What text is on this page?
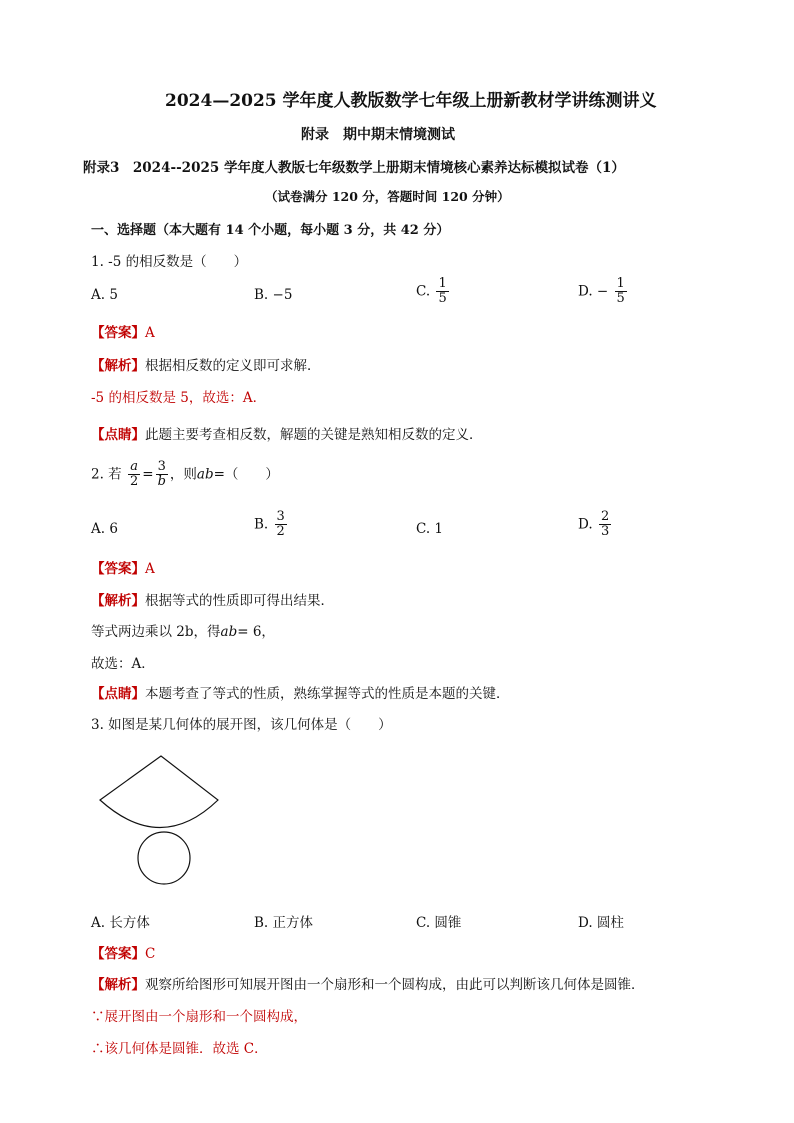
2024—2025 学年度人教版数学七年级上册新教材学讲练测讲义
附录　期中期末情境测试
附录3　2024--2025 学年度人教版七年级数学上册期末情境核心素养达标模拟试卷（1）
（试卷满分 120 分，答题时间 120 分钟）
一、选择题（本大题有 14 个小题，每小题 3 分，共 42 分）
1. -5 的相反数是（　　）
A. 5	B. −5	C. $\frac{1}{5}$	D. − $\frac{1}{5}$
【答案】A
【解析】根据相反数的定义即可求解．
-5 的相反数是 5，故选：A．
【点睛】此题主要考查相反数，解题的关键是熟知相反数的定义．
2. 若 $\frac{a}{2} = \frac{3}{b}$ ，则ab=（　　）
A. 6	B. $\frac{3}{2}$	C. 1	D. $\frac{2}{3}$
【答案】A
【解析】根据等式的性质即可得出结果．
等式两边乘以 2b，得ab= 6，
故选：A．
【点睛】本题考查了等式的性质，熟练掌握等式的性质是本题的关键．
3. 如图是某几何体的展开图，该几何体是（　　）
A. 长方体	B. 正方体	C. 圆锥	D. 圆柱
【答案】C
【解析】观察所给图形可知展开图由一个扇形和一个圆构成，由此可以判断该几何体是圆锥．
∵展开图由一个扇形和一个圆构成，
∴该几何体是圆锥．故选 C．
